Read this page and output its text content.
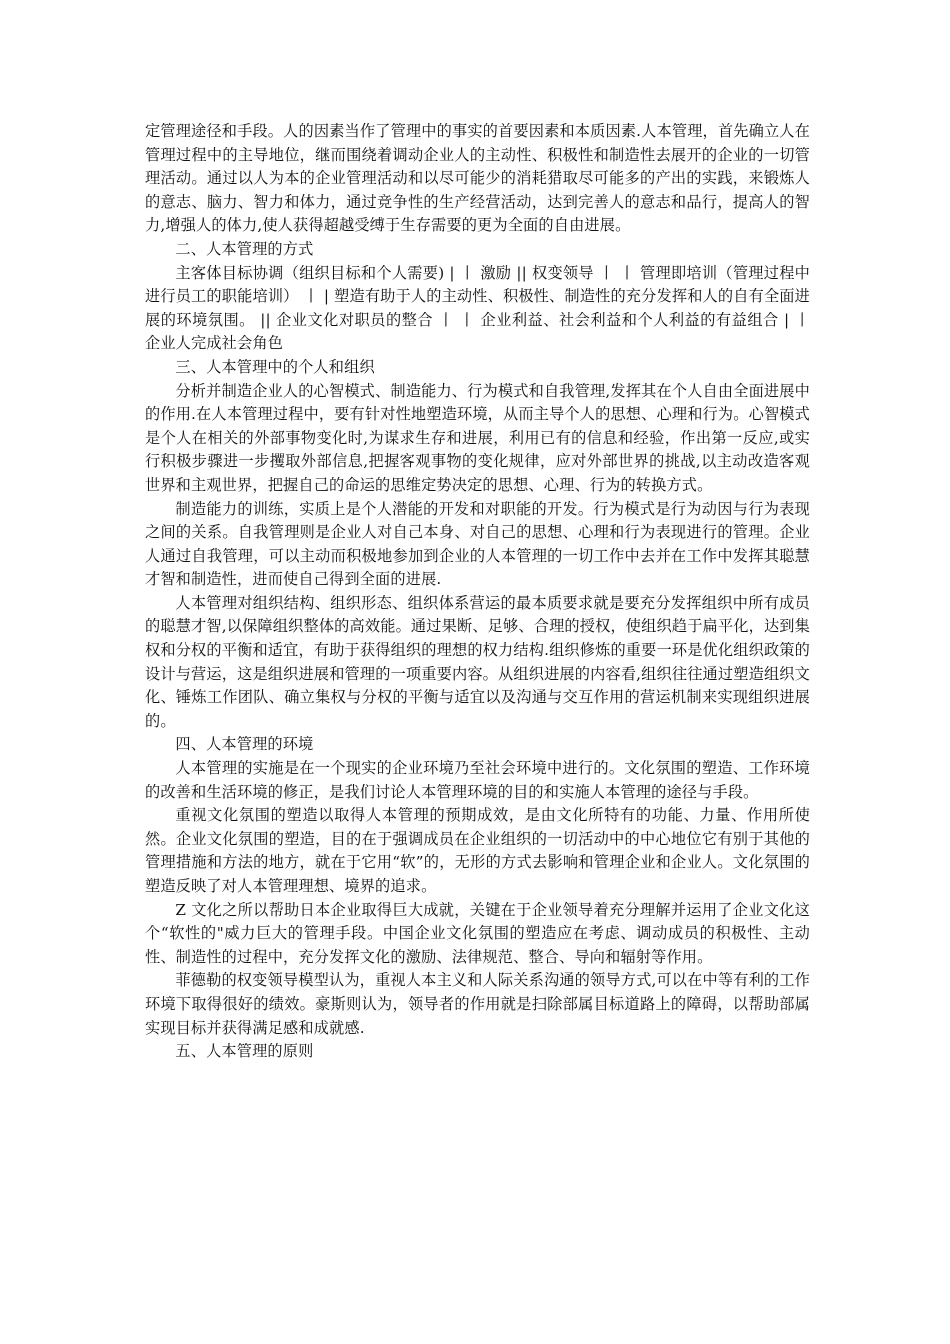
定管理途径和手段。人的因素当作了管理中的事实的首要因素和本质因素.人本管理，首先确立人在管理过程中的主导地位，继而围绕着调动企业人的主动性、积极性和制造性去展开的企业的一切管理活动。通过以人为本的企业管理活动和以尽可能少的消耗猎取尽可能多的产出的实践，来锻炼人的意志、脑力、智力和体力，通过竞争性的生产经营活动，达到完善人的意志和品行，提高人的智力,增强人的体力,使人获得超越受缚于生存需要的更为全面的自由进展。

二、人本管理的方式

主客体目标协调（组织目标和个人需要) | 丨 激励 || 权变领导 丨 丨 管理即培训（管理过程中进行员工的职能培训） 丨 | 塑造有助于人的主动性、积极性、制造性的充分发挥和人的自有全面进展的环境氛围。 || 企业文化对职员的整合 丨 丨 企业利益、社会利益和个人利益的有益组合 | 丨 企业人完成社会角色

三、人本管理中的个人和组织

分析并制造企业人的心智模式、制造能力、行为模式和自我管理,发挥其在个人自由全面进展中的作用.在人本管理过程中，要有针对性地塑造环境，从而主导个人的思想、心理和行为。心智模式是个人在相关的外部事物变化时,为谋求生存和进展，利用已有的信息和经验，作出第一反应,或实行积极步骤进一步攫取外部信息,把握客观事物的变化规律，应对外部世界的挑战,以主动改造客观世界和主观世界，把握自己的命运的思维定势决定的思想、心理、行为的转换方式。

制造能力的训练，实质上是个人潜能的开发和对职能的开发。行为模式是行为动因与行为表现之间的关系。自我管理则是企业人对自己本身、对自己的思想、心理和行为表现进行的管理。企业人通过自我管理，可以主动而积极地参加到企业的人本管理的一切工作中去并在工作中发挥其聪慧才智和制造性，进而使自己得到全面的进展.

人本管理对组织结构、组织形态、组织体系营运的最本质要求就是要充分发挥组织中所有成员的聪慧才智,以保障组织整体的高效能。通过果断、足够、合理的授权，使组织趋于扁平化，达到集权和分权的平衡和适宜，有助于获得组织的理想的权力结构.组织修炼的重要一环是优化组织政策的设计与营运，这是组织进展和管理的一项重要内容。从组织进展的内容看,组织往往通过塑造组织文化、锤炼工作团队、确立集权与分权的平衡与适宜以及沟通与交互作用的营运机制来实现组织进展的。

四、人本管理的环境

人本管理的实施是在一个现实的企业环境乃至社会环境中进行的。文化氛围的塑造、工作环境的改善和生活环境的修正，是我们讨论人本管理环境的目的和实施人本管理的途径与手段。

重视文化氛围的塑造以取得人本管理的预期成效，是由文化所特有的功能、力量、作用所使然。企业文化氛围的塑造，目的在于强调成员在企业组织的一切活动中的中心地位它有别于其他的管理措施和方法的地方，就在于它用“软”的，无形的方式去影响和管理企业和企业人。文化氛围的塑造反映了对人本管理理想、境界的追求。

Z 文化之所以帮助日本企业取得巨大成就，关键在于企业领导着充分理解并运用了企业文化这个“软性的"威力巨大的管理手段。中国企业文化氛围的塑造应在考虑、调动成员的积极性、主动性、制造性的过程中，充分发挥文化的激励、法律规范、整合、导向和辐射等作用。

菲德勒的权变领导模型认为，重视人本主义和人际关系沟通的领导方式,可以在中等有利的工作环境下取得很好的绩效。豪斯则认为，领导者的作用就是扫除部属目标道路上的障碍，以帮助部属实现目标并获得满足感和成就感.

五、人本管理的原则
